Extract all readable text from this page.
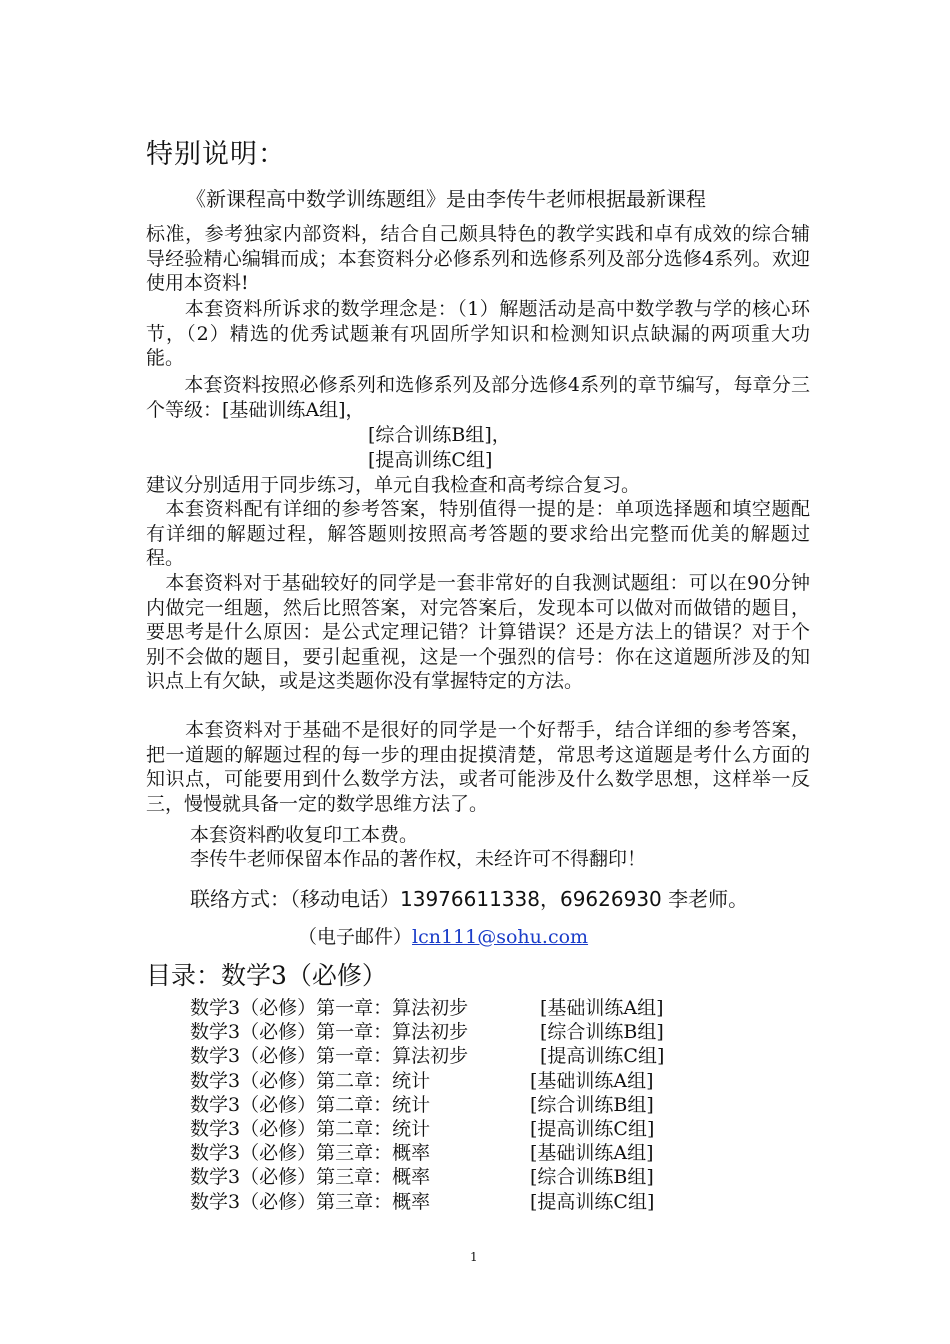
特别说明：

《新课程高中数学训练题组》是由李传牛老师根据最新课程

标准，参考独家内部资料，结合自己颇具特色的教学实践和卓有成效的综合辅导经验精心编辑而成；本套资料分必修系列和选修系列及部分选修4系列。欢迎使用本资料!

　　本套资料所诉求的数学理念是：（1）解题活动是高中数学教与学的核心环节，（2）精选的优秀试题兼有巩固所学知识和检测知识点缺漏的两项重大功能。

　　本套资料按照必修系列和选修系列及部分选修4系列的章节编写，每章分三个等级：[基础训练A组]，

[综合训练B组]，

[提高训练C组]

建议分别适用于同步练习，单元自我检查和高考综合复习。

　本套资料配有详细的参考答案，特别值得一提的是：单项选择题和填空题配有详细的解题过程，解答题则按照高考答题的要求给出完整而优美的解题过程。

　本套资料对于基础较好的同学是一套非常好的自我测试题组：可以在90分钟内做完一组题，然后比照答案，对完答案后，发现本可以做对而做错的题目，要思考是什么原因：是公式定理记错？计算错误？还是方法上的错误？对于个别不会做的题目，要引起重视，这是一个强烈的信号：你在这道题所涉及的知识点上有欠缺，或是这类题你没有掌握特定的方法。

　　本套资料对于基础不是很好的同学是一个好帮手，结合详细的参考答案，把一道题的解题过程的每一步的理由捉摸清楚，常思考这道题是考什么方面的知识点，可能要用到什么数学方法，或者可能涉及什么数学思想，这样举一反三，慢慢就具备一定的数学思维方法了。

本套资料酌收复印工本费。

李传牛老师保留本作品的著作权，未经许可不得翻印！

联络方式：（移动电话）13976611338，69626930 李老师。
（电子邮件）lcn111@sohu.com
目录：数学3（必修）
数学3（必修）第一章：算法初步	[基础训练A组]
数学3（必修）第一章：算法初步	[综合训练B组]
数学3（必修）第一章：算法初步	[提高训练C组]
数学3（必修）第二章：统计	[基础训练A组]
数学3（必修）第二章：统计	[综合训练B组]
数学3（必修）第二章：统计	[提高训练C组]
数学3（必修）第三章：概率	[基础训练A组]
数学3（必修）第三章：概率	[综合训练B组]
数学3（必修）第三章：概率	[提高训练C组]
1
